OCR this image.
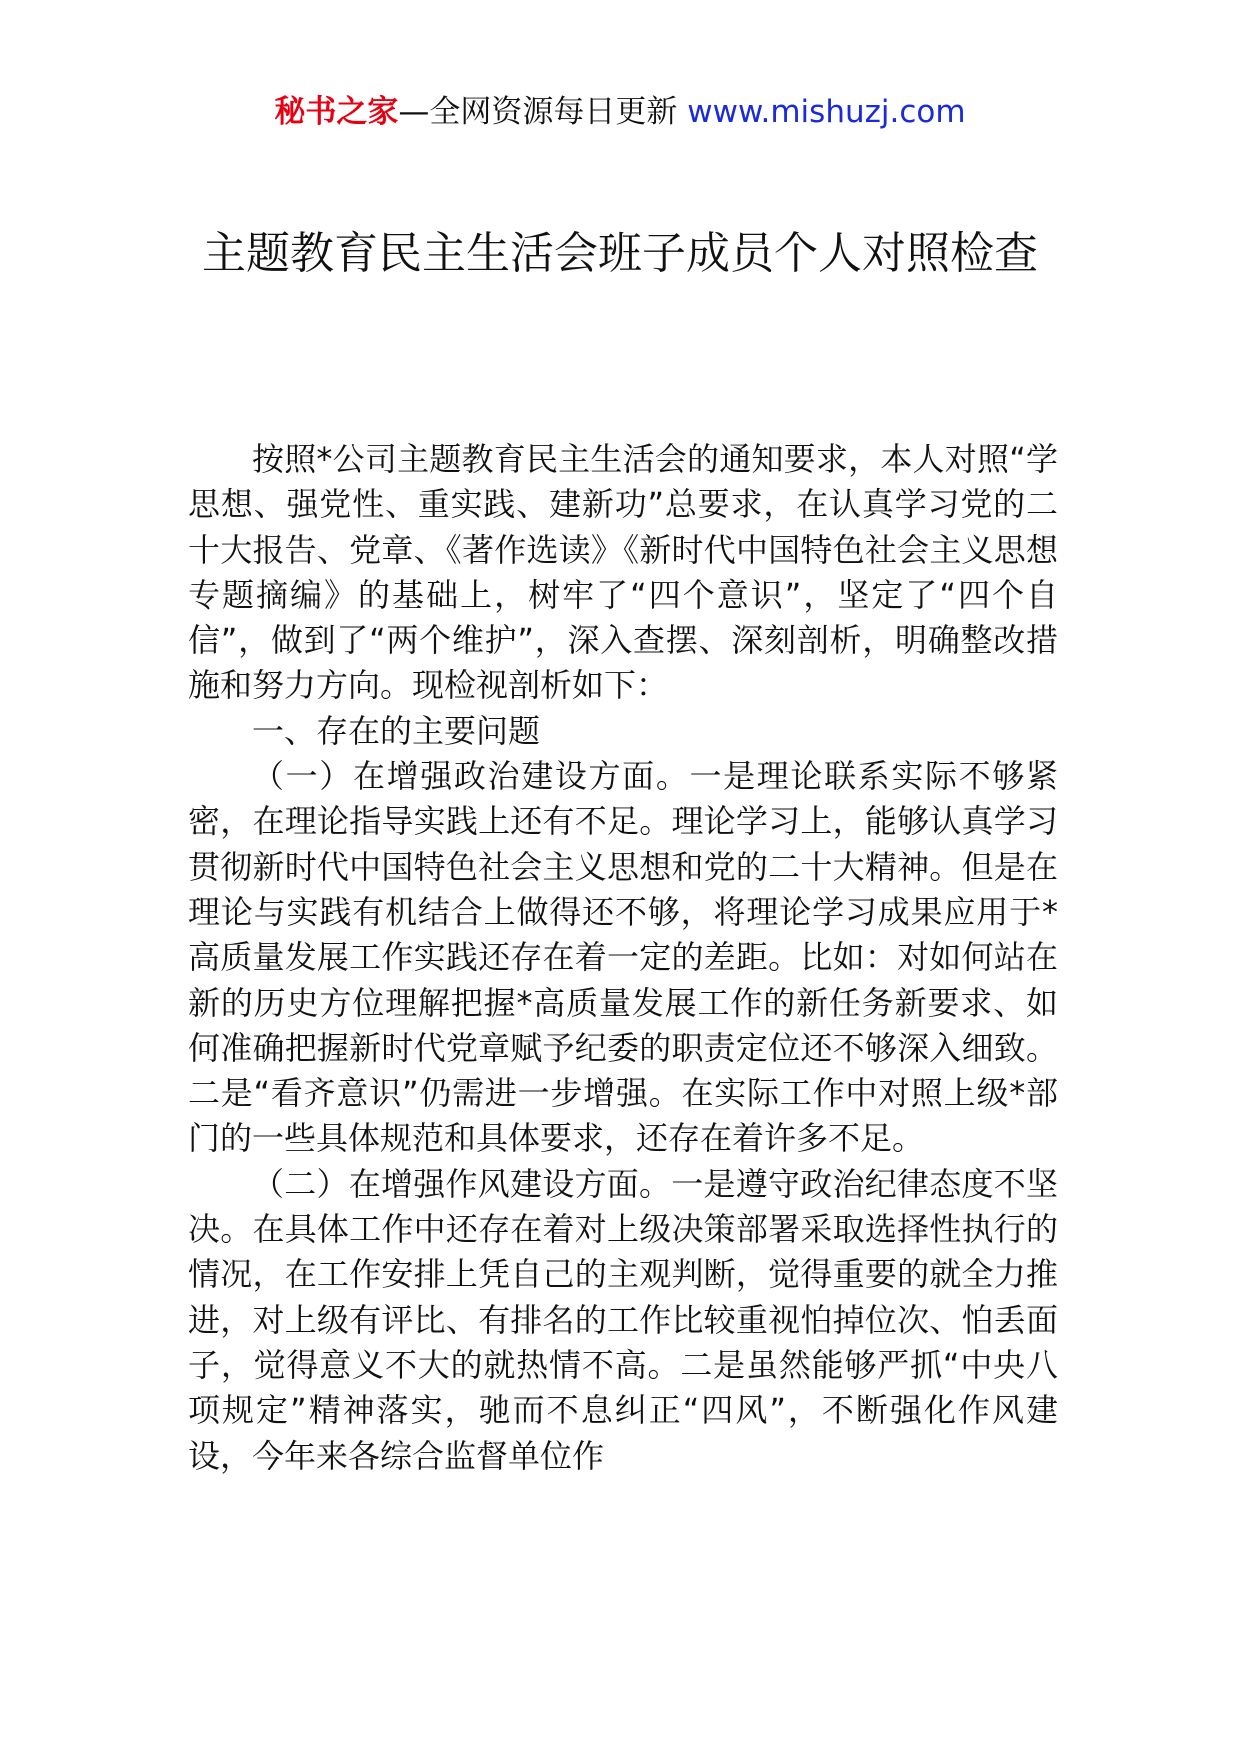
秘书之家—全网资源每日更新 www.mishuzj.com
主题教育民主生活会班子成员个人对照检查

按照*公司主题教育民主生活会的通知要求，本人对照“学思想、强党性、重实践、建新功”总要求，在认真学习党的二十大报告、党章、《著作选读》《新时代中国特色社会主义思想专题摘编》的基础上，树牢了“四个意识”，坚定了“四个自信”，做到了“两个维护”，深入查摆、深刻剖析，明确整改措施和努力方向。现检视剖析如下：

一、存在的主要问题

（一）在增强政治建设方面。一是理论联系实际不够紧密，在理论指导实践上还有不足。理论学习上，能够认真学习贯彻新时代中国特色社会主义思想和党的二十大精神。但是在理论与实践有机结合上做得还不够，将理论学习成果应用于*高质量发展工作实践还存在着一定的差距。比如：对如何站在新的历史方位理解把握*高质量发展工作的新任务新要求、如何准确把握新时代党章赋予纪委的职责定位还不够深入细致。二是“看齐意识”仍需进一步增强。在实际工作中对照上级*部门的一些具体规范和具体要求，还存在着许多不足。

（二）在增强作风建设方面。一是遵守政治纪律态度不坚决。在具体工作中还存在着对上级决策部署采取选择性执行的情况，在工作安排上凭自己的主观判断，觉得重要的就全力推进，对上级有评比、有排名的工作比较重视怕掉位次、怕丢面子，觉得意义不大的就热情不高。二是虽然能够严抓“中央八项规定”精神落实，驰而不息纠正“四风”，不断强化作风建设，今年来各综合监督单位作
